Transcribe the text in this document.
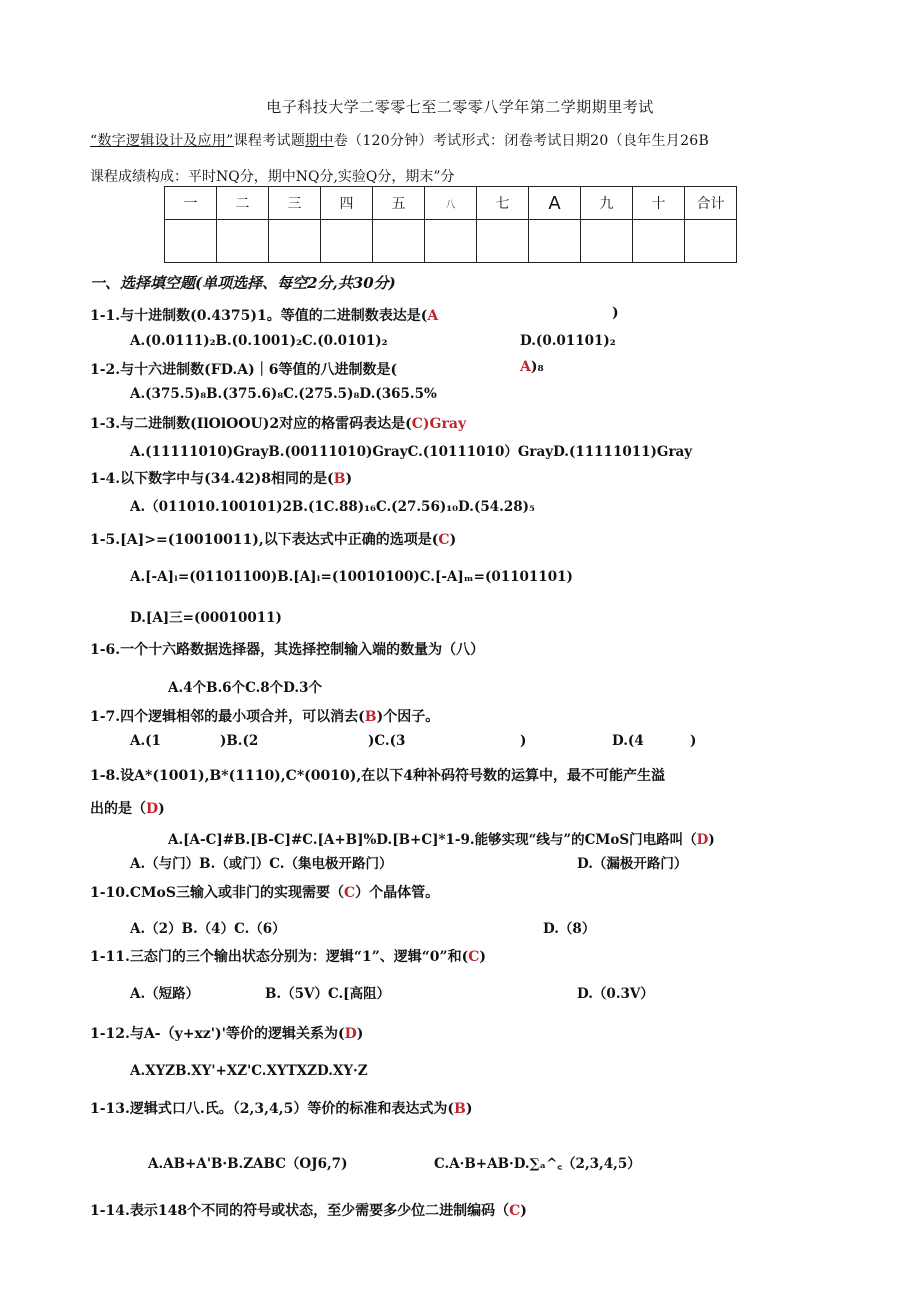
电子科技大学二零零七至二零零八学年第二学期期里考试
“数字逻辑设计及应用”课程考试题期中卷（120分钟）考试形式：闭卷考试日期20（良年生月26B
课程成绩构成：平时NQ分，期中NQ分,实验Q分，期末”分
一	二	三	四	五	八	七	A	九	十	合计

一、选择填空题(单项选择、每空2分,共30分)
1-1.与十进制数(0.4375)1。等值的二进制数表达是(A	)
A.(0.0111)₂B.(0.1001)₂C.(0.0101)₂	D.(0.01101)₂
1-2.与十六进制数(FD.A)｜6等值的八进制数是(	A)₈
A.(375.5)₈B.(375.6)₈C.(275.5)₈D.(365.5%
1-3.与二进制数(IlOlOOU)2对应的格雷码表达是(C)Gray
A.(11111010)GrayB.(00111010)GrayC.(10111010）GrayD.(11111011)Gray
1-4.以下数字中与(34.42)8相同的是(B)
A.（011010.100101)2B.(1C.88)₁₆C.(27.56)₁₀D.(54.28)₅
1-5.[A]>=(10010011),以下表达式中正确的选项是(C)
A.[-A]ₗ=(01101100)B.[A]ₗ=(10010100)C.[-A]ₘ=(01101101)
D.[A]三=(00010011)
1-6.一个十六路数据选择器，其选择控制输入端的数量为（八）
A.4个B.6个C.8个D.3个
1-7.四个逻辑相邻的最小项合并，可以消去(B)个因子。
A.(1	)B.(2	)C.(3	)	D.(4	)
1-8.设A*(1001),B*(1110),C*(0010),在以下4种补码符号数的运算中，最不可能产生溢
出的是（D)
A.[A-C]#B.[B-C]#C.[A+B]%D.[B+C]*1-9.能够实现“线与”的CMoS门电路叫（D)
A.（与门）B.（或门）C.（集电极开路门）	D.（漏极开路门）
1-10.CMoS三输入或非门的实现需要（C）个晶体管。
A.（2）B.（4）C.（6）	D.（8）
1-11.三态门的三个输出状态分别为：逻辑“1”、逻辑“0”和(C)
A.（短路）	B.（5V）C.[高阻）	D.（0.3V）
1-12.与A-（y+xz')'等价的逻辑关系为(D)
A.XYZB.XY'+XZ'C.XYTXZD.XY·Z
1-13.逻辑式口八.氏。（2,3,4,5）等价的标准和表达式为(B)
A.AB+A'B·B.ZABC（OJ6,7)	C.A·B+AB·D.∑ₐ^꜀（2,3,4,5）
1-14.表示148个不同的符号或状态，至少需要多少位二进制编码（C)
